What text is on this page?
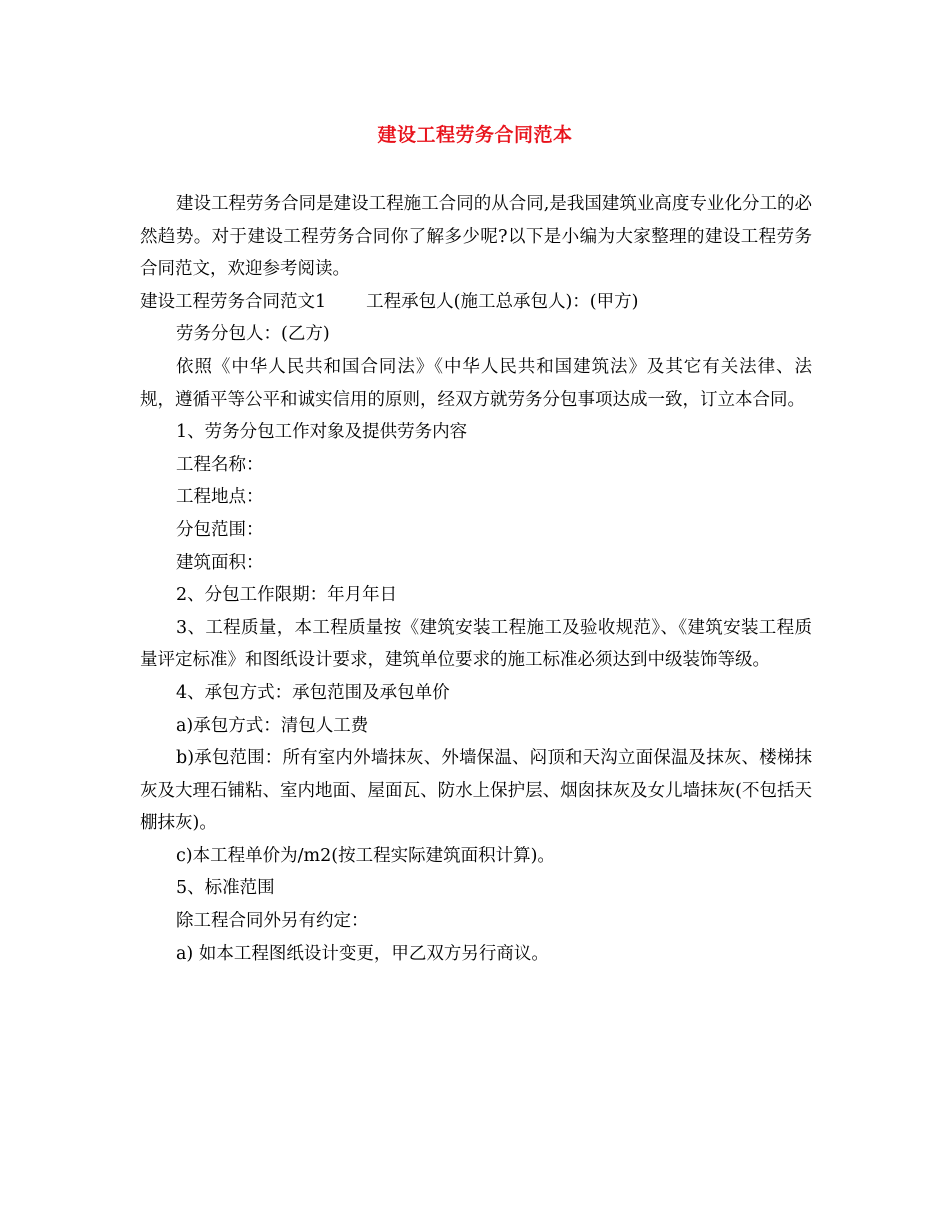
建设工程劳务合同范本

建设工程劳务合同是建设工程施工合同的从合同,是我国建筑业高度专业化分工的必然趋势。对于建设工程劳务合同你了解多少呢?以下是小编为大家整理的建设工程劳务合同范文，欢迎参考阅读。

建设工程劳务合同范文1 工程承包人(施工总承包人)：(甲方)

劳务分包人：(乙方)

依照《中华人民共和国合同法》《中华人民共和国建筑法》及其它有关法律、法规，遵循平等公平和诚实信用的原则，经双方就劳务分包事项达成一致，订立本合同。

1、劳务分包工作对象及提供劳务内容

工程名称：

工程地点：

分包范围：

建筑面积：

2、分包工作限期：年月年日

3、工程质量，本工程质量按《建筑安装工程施工及验收规范》、《建筑安装工程质量评定标准》和图纸设计要求，建筑单位要求的施工标准必须达到中级装饰等级。

4、承包方式：承包范围及承包单价

a)承包方式：清包人工费

b)承包范围：所有室内外墙抹灰、外墙保温、闷顶和天沟立面保温及抹灰、楼梯抹灰及大理石铺粘、室内地面、屋面瓦、防水上保护层、烟囱抹灰及女儿墙抹灰(不包括天棚抹灰)。

c)本工程单价为/m2(按工程实际建筑面积计算)。

5、标准范围

除工程合同外另有约定：

a) 如本工程图纸设计变更，甲乙双方另行商议。
